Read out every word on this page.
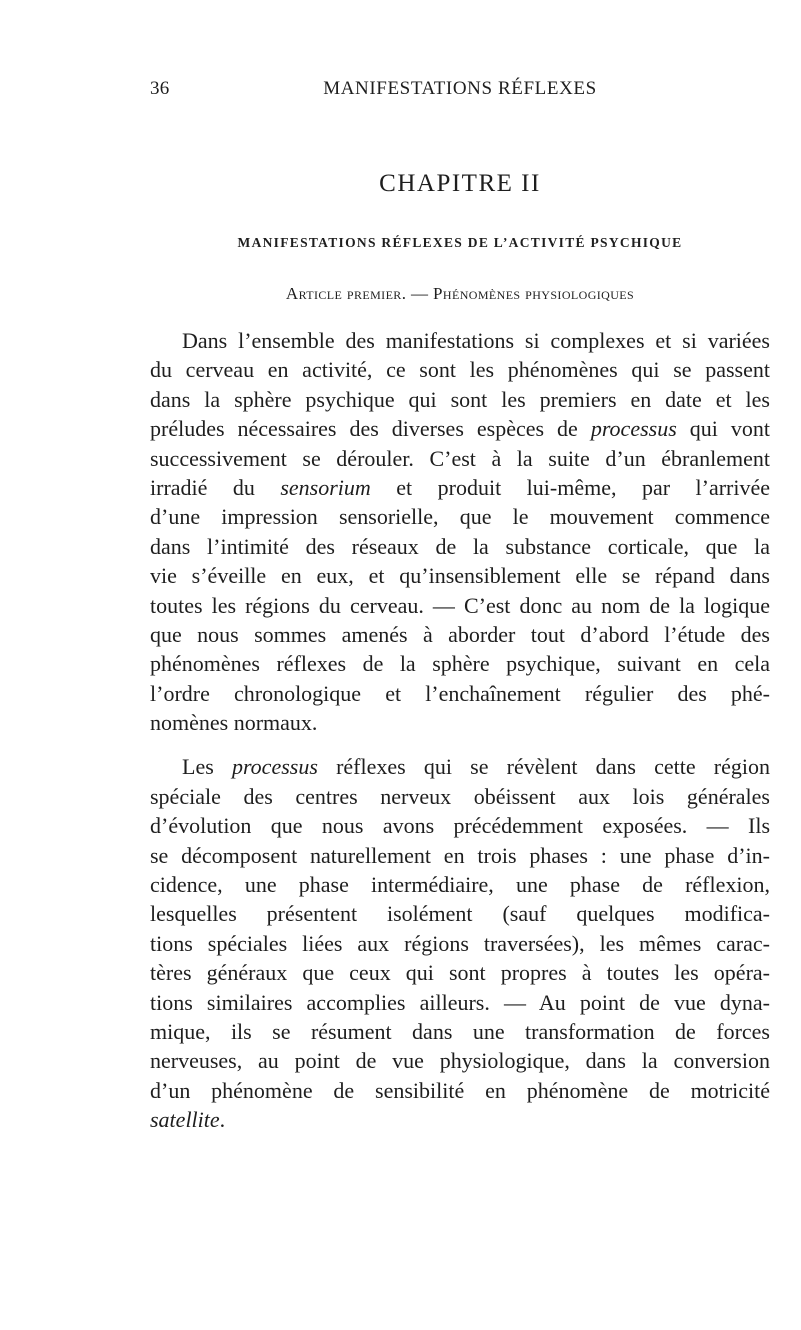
36	MANIFESTATIONS RÉFLEXES
CHAPITRE II
MANIFESTATIONS RÉFLEXES DE L’ACTIVITÉ PSYCHIQUE
Article premier. — Phénomènes physiologiques
Dans l’ensemble des manifestations si complexes et si variées
du cerveau en activité, ce sont les phénomènes qui se passent
dans la sphère psychique qui sont les premiers en date et les
préludes nécessaires des diverses espèces de processus qui vont
successivement se dérouler. C’est à la suite d’un ébranlement
irradié du sensorium et produit lui-même, par l’arrivée
d’une impression sensorielle, que le mouvement commence
dans l’intimité des réseaux de la substance corticale, que la
vie s’éveille en eux, et qu’insensiblement elle se répand dans
toutes les régions du cerveau. — C’est donc au nom de la logique
que nous sommes amenés à aborder tout d’abord l’étude des
phénomènes réflexes de la sphère psychique, suivant en cela
l’ordre chronologique et l’enchaînement régulier des phé-
nomènes normaux.
Les processus réflexes qui se révèlent dans cette région
spéciale des centres nerveux obéissent aux lois générales
d’évolution que nous avons précédemment exposées. — Ils
se décomposent naturellement en trois phases : une phase d’in-
cidence, une phase intermédiaire, une phase de réflexion,
lesquelles présentent isolément (sauf quelques modifica-
tions spéciales liées aux régions traversées), les mêmes carac-
tères généraux que ceux qui sont propres à toutes les opéra-
tions similaires accomplies ailleurs. — Au point de vue dyna-
mique, ils se résument dans une transformation de forces
nerveuses, au point de vue physiologique, dans la conversion
d’un phénomène de sensibilité en phénomène de motricité
satellite.
